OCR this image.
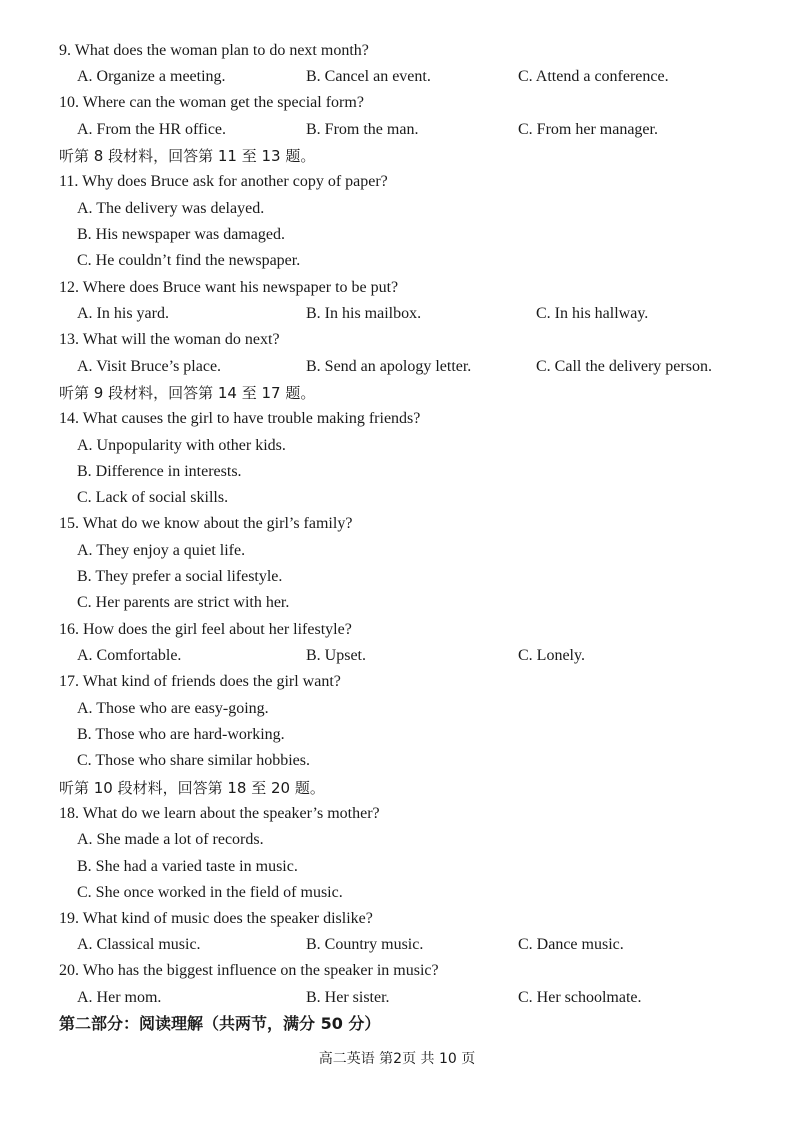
9. What does the woman plan to do next month?
A. Organize a meeting.	B. Cancel an event.	C. Attend a conference.
10. Where can the woman get the special form?
A. From the HR office.	B. From the man.	C. From her manager.
听第 8 段材料，回答第 11 至 13 题。
11. Why does Bruce ask for another copy of paper?
A. The delivery was delayed.
B. His newspaper was damaged.
C. He couldn’t find the newspaper.
12. Where does Bruce want his newspaper to be put?
A. In his yard.	B. In his mailbox.	C. In his hallway.
13. What will the woman do next?
A. Visit Bruce’s place.	B. Send an apology letter.	C. Call the delivery person.
听第 9 段材料，回答第 14 至 17 题。
14. What causes the girl to have trouble making friends?
A. Unpopularity with other kids.
B. Difference in interests.
C. Lack of social skills.
15. What do we know about the girl’s family?
A. They enjoy a quiet life.
B. They prefer a social lifestyle.
C. Her parents are strict with her.
16. How does the girl feel about her lifestyle?
A. Comfortable.	B. Upset.	C. Lonely.
17. What kind of friends does the girl want?
A. Those who are easy-going.
B. Those who are hard-working.
C. Those who share similar hobbies.
听第 10 段材料，回答第 18 至 20 题。
18. What do we learn about the speaker’s mother?
A. She made a lot of records.
B. She had a varied taste in music.
C. She once worked in the field of music.
19. What kind of music does the speaker dislike?
A. Classical music.	B. Country music.	C. Dance music.
20. Who has the biggest influence on the speaker in music?
A. Her mom.	B. Her sister.	C. Her schoolmate.
第二部分：阅读理解（共两节，满分 50 分）
高二英语 第2页 共 10 页
